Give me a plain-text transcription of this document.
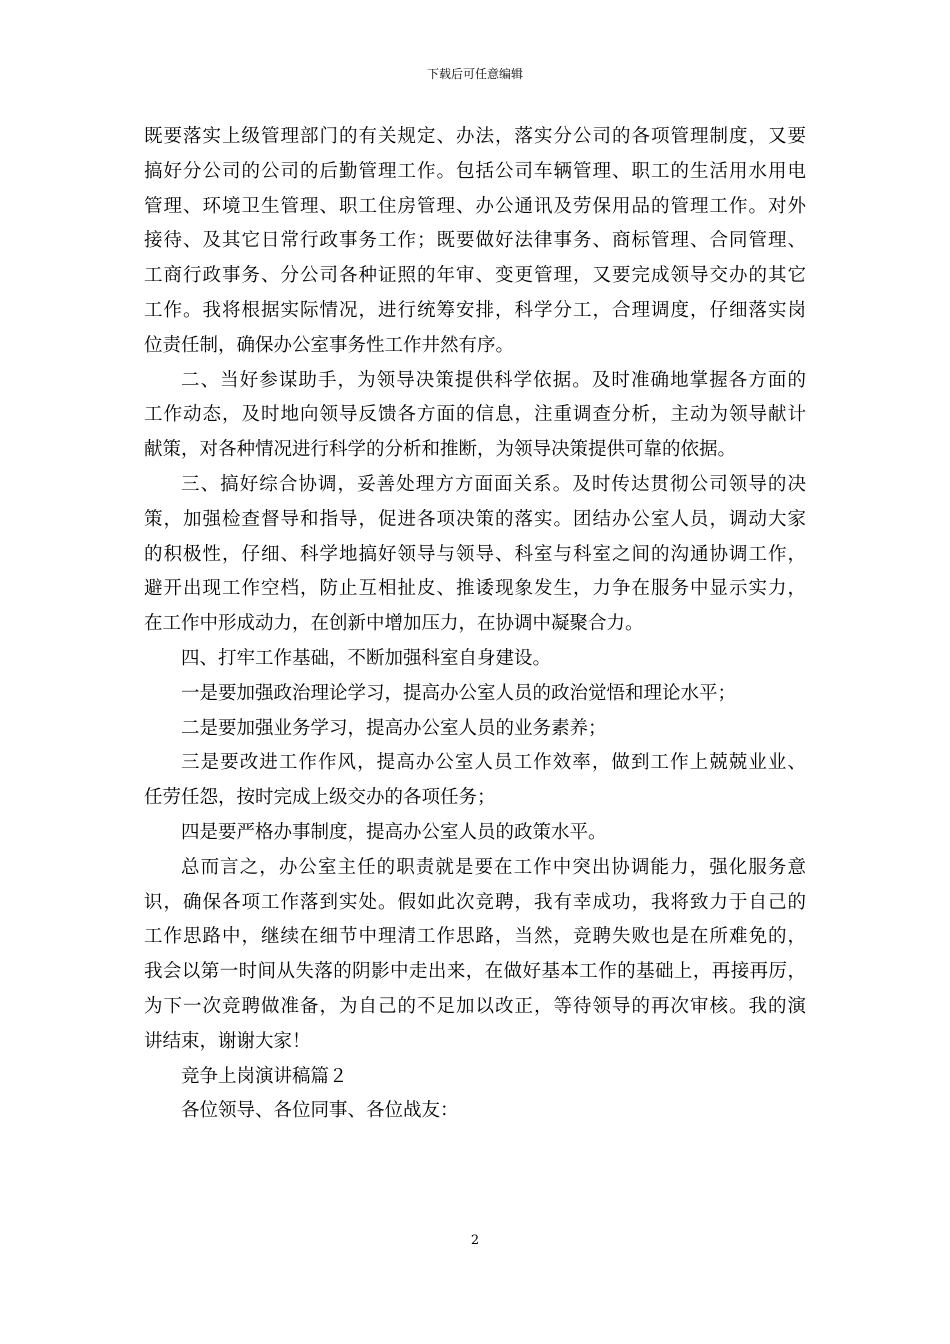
下载后可任意编辑

既要落实上级管理部门的有关规定、办法，落实分公司的各项管理制度，又要
搞好分公司的公司的后勤管理工作。包括公司车辆管理、职工的生活用水用电
管理、环境卫生管理、职工住房管理、办公通讯及劳保用品的管理工作。对外
接待、及其它日常行政事务工作；既要做好法律事务、商标管理、合同管理、
工商行政事务、分公司各种证照的年审、变更管理，又要完成领导交办的其它
工作。我将根据实际情况，进行统筹安排，科学分工，合理调度，仔细落实岗
位责任制，确保办公室事务性工作井然有序。

二、当好参谋助手，为领导决策提供科学依据。及时准确地掌握各方面的
工作动态，及时地向领导反馈各方面的信息，注重调查分析，主动为领导献计
献策，对各种情况进行科学的分析和推断，为领导决策提供可靠的依据。

三、搞好综合协调，妥善处理方方面面关系。及时传达贯彻公司领导的决
策，加强检查督导和指导，促进各项决策的落实。团结办公室人员，调动大家
的积极性，仔细、科学地搞好领导与领导、科室与科室之间的沟通协调工作，
避开出现工作空档，防止互相扯皮、推诿现象发生，力争在服务中显示实力，
在工作中形成动力，在创新中增加压力，在协调中凝聚合力。

四、打牢工作基础，不断加强科室自身建设。

一是要加强政治理论学习，提高办公室人员的政治觉悟和理论水平；

二是要加强业务学习，提高办公室人员的业务素养；

三是要改进工作作风，提高办公室人员工作效率，做到工作上兢兢业业、
任劳任怨，按时完成上级交办的各项任务；

四是要严格办事制度，提高办公室人员的政策水平。

总而言之，办公室主任的职责就是要在工作中突出协调能力，强化服务意
识，确保各项工作落到实处。假如此次竞聘，我有幸成功，我将致力于自己的
工作思路中，继续在细节中理清工作思路，当然，竞聘失败也是在所难免的，
我会以第一时间从失落的阴影中走出来，在做好基本工作的基础上，再接再厉，
为下一次竞聘做准备，为自己的不足加以改正，等待领导的再次审核。我的演
讲结束，谢谢大家！

竞争上岗演讲稿篇２

各位领导、各位同事、各位战友：

2
